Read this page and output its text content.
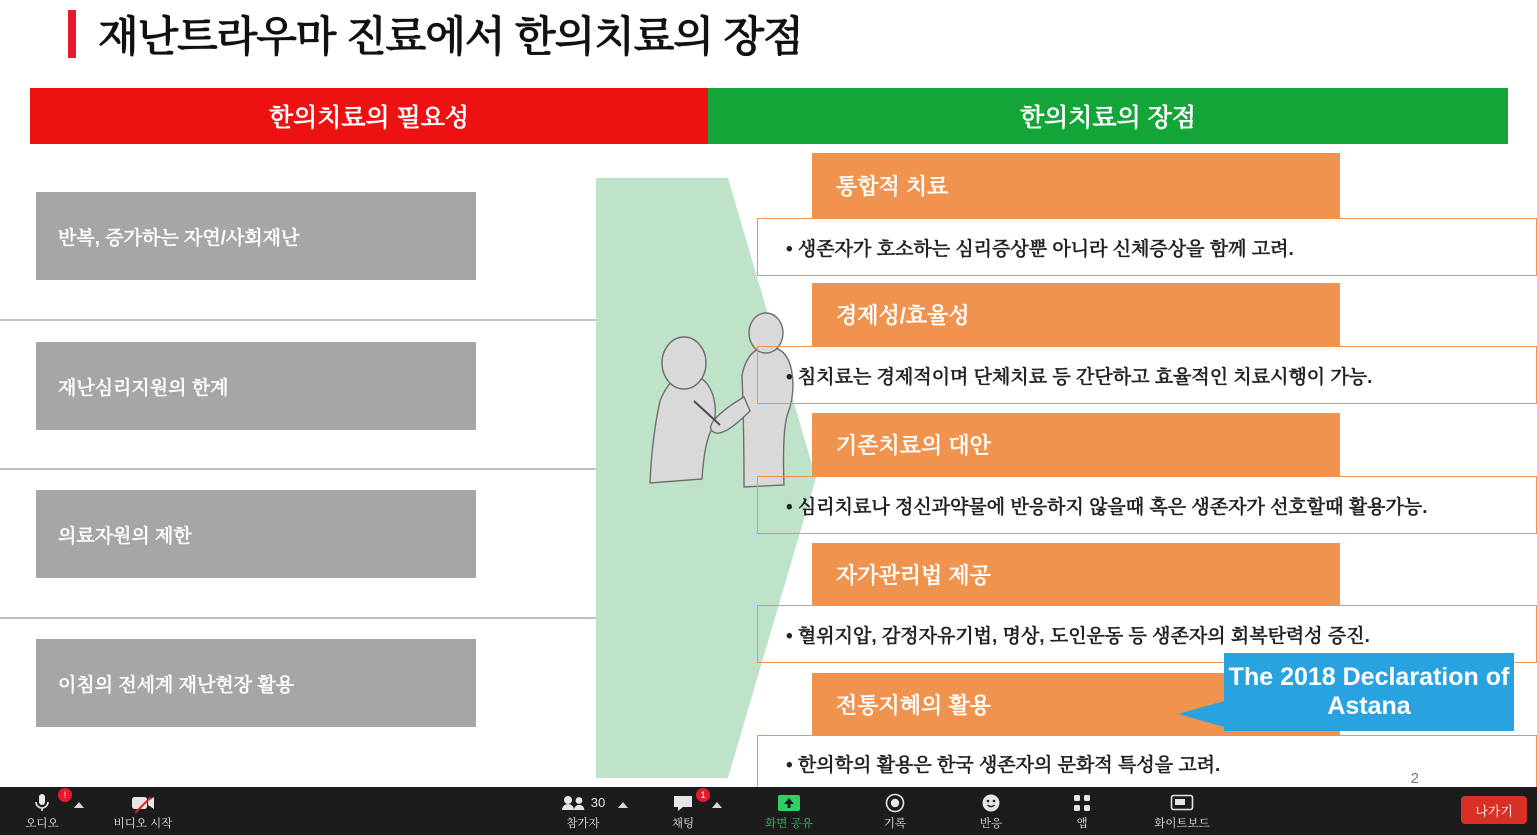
재난트라우마 진료에서 한의치료의 장점
한의치료의 필요성	한의치료의 장점
반복, 증가하는 자연/사회재난
재난심리지원의 한계
의료자원의 제한
이침의 전세계 재난현장 활용
통합적 치료
• 생존자가 호소하는 심리증상뿐 아니라 신체증상을 함께 고려.
경제성/효율성
• 침치료는 경제적이며 단체치료 등 간단하고 효율적인 치료시행이 가능.
기존치료의 대안
• 심리치료나 정신과약물에 반응하지 않을때 혹은 생존자가 선호할때 활용가능.
자가관리법 제공
• 혈위지압, 감정자유기법, 명상, 도인운동 등 생존자의 회복탄력성 증진.
전통지혜의 활용
• 한의학의 활용은 한국 생존자의 문화적 특성을 고려.
The 2018 Declaration of Astana
2
오디오
!
비디오 시작
30
참가자	채팅
1
화면 공유	기록	반응	앱	화이트보드
나가기
